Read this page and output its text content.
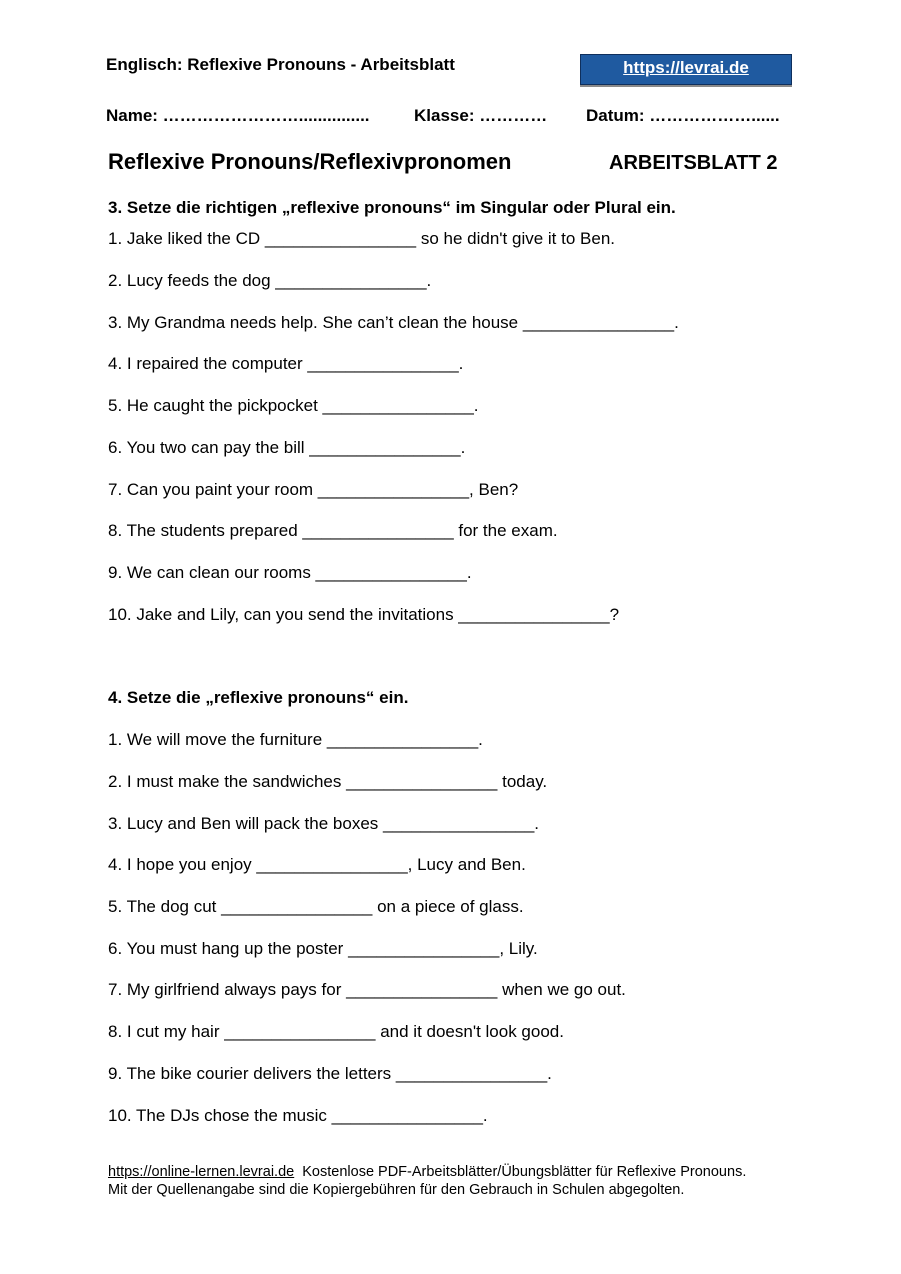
Englisch: Reflexive Pronouns - Arbeitsblatt	https://levrai.de
Name: ……………………...............	Klasse: ………… Datum: ………………......
Reflexive Pronouns/Reflexivpronomen	ARBEITSBLATT 2
3. Setze die richtigen „reflexive pronouns“ im Singular oder Plural ein.
1. Jake liked the CD ________________ so he didn't give it to Ben.
2. Lucy feeds the dog ________________.
3. My Grandma needs help. She can’t clean the house ________________.
4. I repaired the computer ________________.
5. He caught the pickpocket ________________.
6. You two can pay the bill ________________.
7. Can you paint your room ________________, Ben?
8. The students prepared ________________ for the exam.
9. We can clean our rooms ________________.
10. Jake and Lily, can you send the invitations ________________?
4. Setze die „reflexive pronouns“ ein.
1. We will move the furniture ________________.
2. I must make the sandwiches ________________ today.
3. Lucy and Ben will pack the boxes ________________.
4. I hope you enjoy ________________, Lucy and Ben.
5. The dog cut ________________ on a piece of glass.
6. You must hang up the poster ________________, Lily.
7. My girlfriend always pays for ________________ when we go out.
8. I cut my hair ________________ and it doesn't look good.
9. The bike courier delivers the letters ________________.
10. The DJs chose the music ________________.
https://online-lernen.levrai.de Kostenlose PDF-Arbeitsblätter/Übungsblätter für Reflexive Pronouns.
Mit der Quellenangabe sind die Kopiergebühren für den Gebrauch in Schulen abgegolten.
